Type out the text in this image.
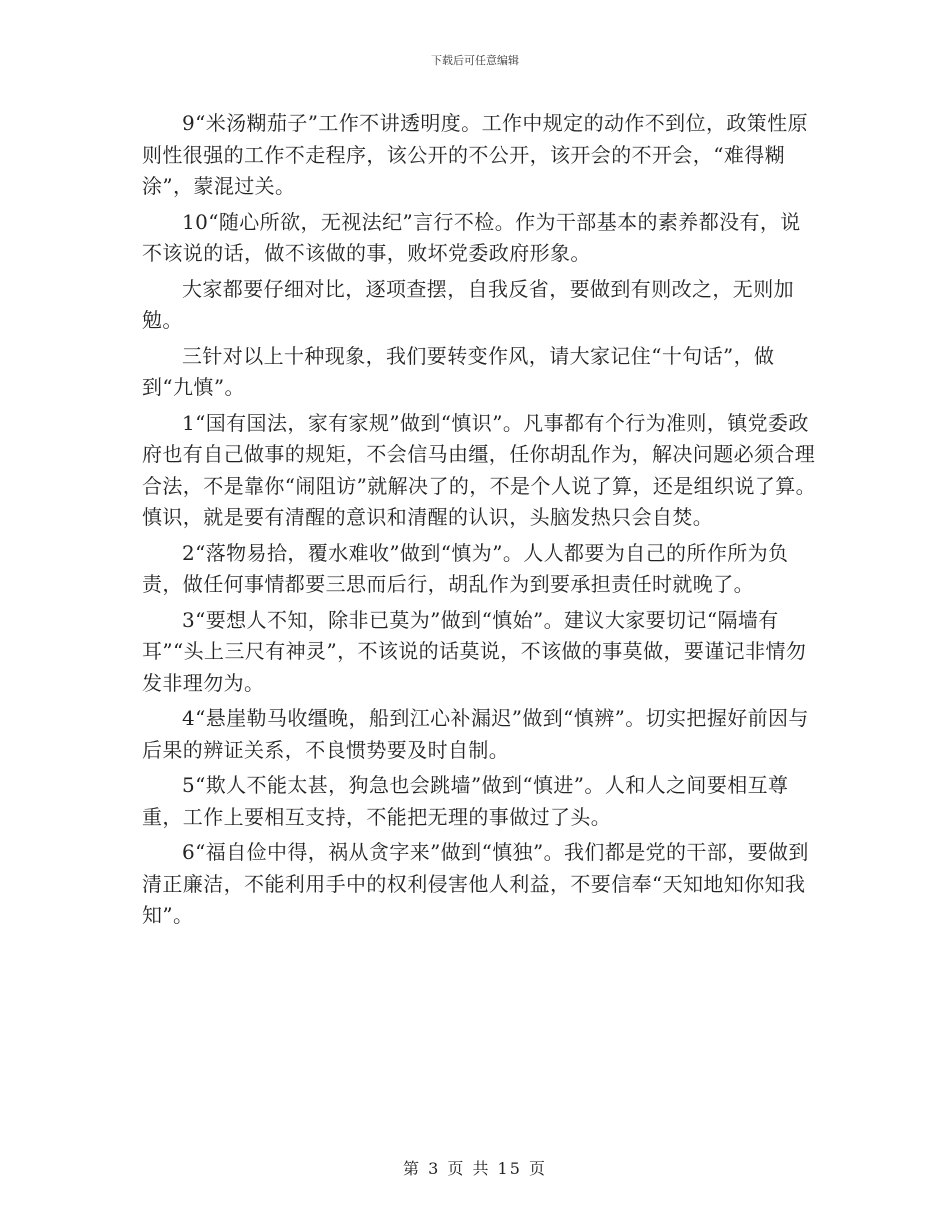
下载后可任意编辑

9“米汤糊茄子”工作不讲透明度。工作中规定的动作不到位，政策性原则性很强的工作不走程序，该公开的不公开，该开会的不开会，“难得糊涂”，蒙混过关。

10“随心所欲，无视法纪”言行不检。作为干部基本的素养都没有，说不该说的话，做不该做的事，败坏党委政府形象。

大家都要仔细对比，逐项查摆，自我反省，要做到有则改之，无则加勉。

三针对以上十种现象，我们要转变作风，请大家记住“十句话”，做到“九慎”。

1“国有国法，家有家规”做到“慎识”。凡事都有个行为准则，镇党委政府也有自己做事的规矩，不会信马由缰，任你胡乱作为，解决问题必须合理合法，不是靠你“闹阻访”就解决了的，不是个人说了算，还是组织说了算。慎识，就是要有清醒的意识和清醒的认识，头脑发热只会自焚。

2“落物易拾，覆水难收”做到“慎为”。人人都要为自己的所作所为负责，做任何事情都要三思而后行，胡乱作为到要承担责任时就晚了。

3“要想人不知，除非已莫为”做到“慎始”。建议大家要切记“隔墙有耳”“头上三尺有神灵”，不该说的话莫说，不该做的事莫做，要谨记非情勿发非理勿为。

4“悬崖勒马收缰晚，船到江心补漏迟”做到“慎辨”。切实把握好前因与后果的辨证关系，不良惯势要及时自制。

5“欺人不能太甚，狗急也会跳墙”做到“慎进”。人和人之间要相互尊重，工作上要相互支持，不能把无理的事做过了头。

6“福自俭中得，祸从贪字来”做到“慎独”。我们都是党的干部，要做到清正廉洁，不能利用手中的权利侵害他人利益，不要信奉“天知地知你知我知”。

第 3 页 共 15 页
